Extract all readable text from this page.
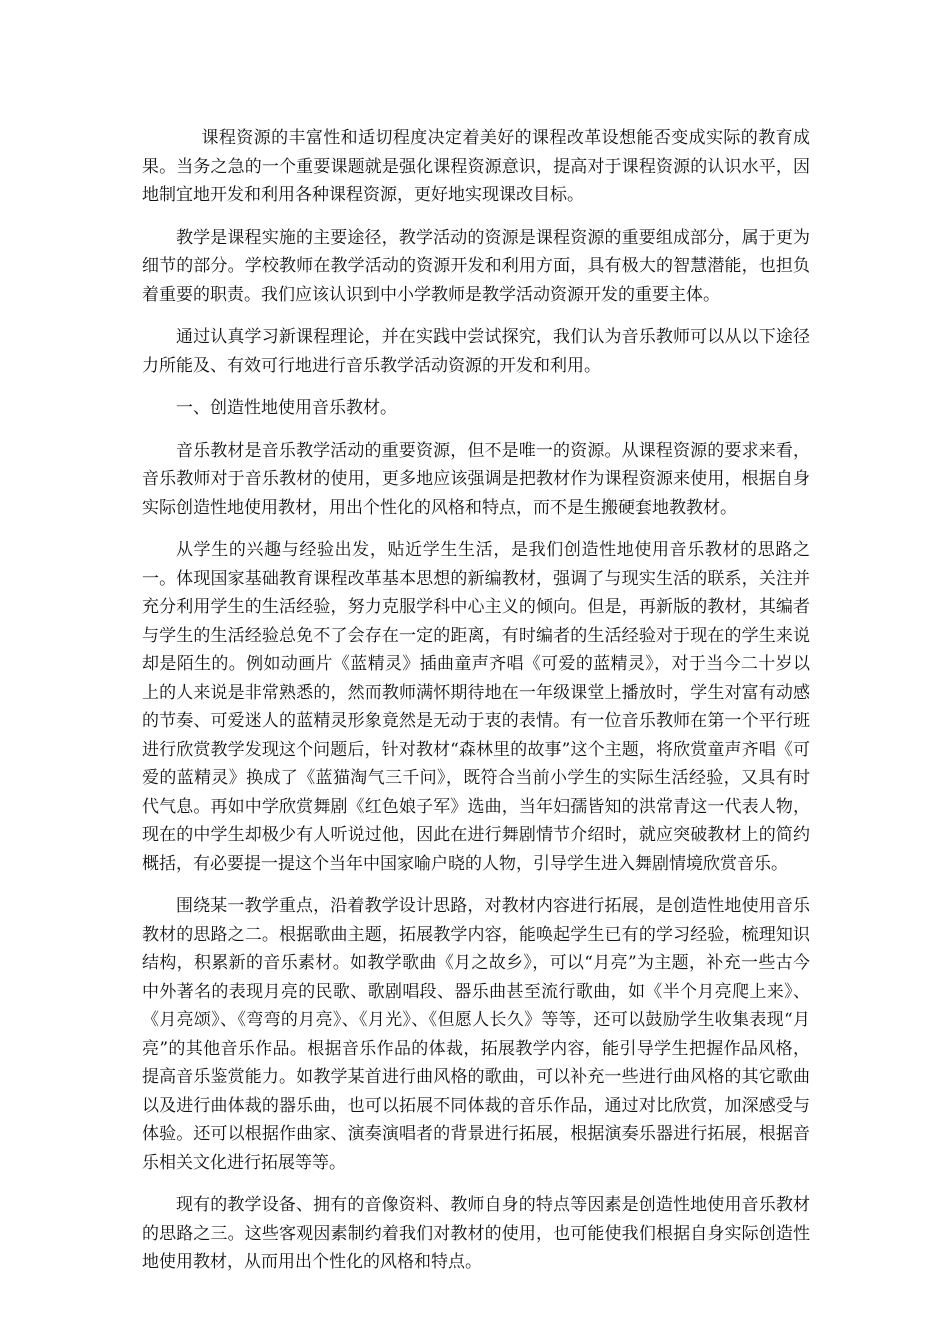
课程资源的丰富性和适切程度决定着美好的课程改革设想能否变成实际的教育成果。当务之急的一个重要课题就是强化课程资源意识，提高对于课程资源的认识水平，因地制宜地开发和利用各种课程资源，更好地实现课改目标。

教学是课程实施的主要途径，教学活动的资源是课程资源的重要组成部分，属于更为细节的部分。学校教师在教学活动的资源开发和利用方面，具有极大的智慧潜能，也担负着重要的职责。我们应该认识到中小学教师是教学活动资源开发的重要主体。

通过认真学习新课程理论，并在实践中尝试探究，我们认为音乐教师可以从以下途径力所能及、有效可行地进行音乐教学活动资源的开发和利用。

一、创造性地使用音乐教材。

音乐教材是音乐教学活动的重要资源，但不是唯一的资源。从课程资源的要求来看，音乐教师对于音乐教材的使用，更多地应该强调是把教材作为课程资源来使用，根据自身实际创造性地使用教材，用出个性化的风格和特点，而不是生搬硬套地教教材。

从学生的兴趣与经验出发，贴近学生生活，是我们创造性地使用音乐教材的思路之一。体现国家基础教育课程改革基本思想的新编教材，强调了与现实生活的联系，关注并充分利用学生的生活经验，努力克服学科中心主义的倾向。但是，再新版的教材，其编者与学生的生活经验总免不了会存在一定的距离，有时编者的生活经验对于现在的学生来说却是陌生的。例如动画片《蓝精灵》插曲童声齐唱《可爱的蓝精灵》，对于当今二十岁以上的人来说是非常熟悉的，然而教师满怀期待地在一年级课堂上播放时，学生对富有动感的节奏、可爱迷人的蓝精灵形象竟然是无动于衷的表情。有一位音乐教师在第一个平行班进行欣赏教学发现这个问题后，针对教材“森林里的故事”这个主题，将欣赏童声齐唱《可爱的蓝精灵》换成了《蓝猫淘气三千问》，既符合当前小学生的实际生活经验，又具有时代气息。再如中学欣赏舞剧《红色娘子军》选曲，当年妇孺皆知的洪常青这一代表人物，现在的中学生却极少有人听说过他，因此在进行舞剧情节介绍时，就应突破教材上的简约概括，有必要提一提这个当年中国家喻户晓的人物，引导学生进入舞剧情境欣赏音乐。

围绕某一教学重点，沿着教学设计思路，对教材内容进行拓展，是创造性地使用音乐教材的思路之二。根据歌曲主题，拓展教学内容，能唤起学生已有的学习经验，梳理知识结构，积累新的音乐素材。如教学歌曲《月之故乡》，可以“月亮”为主题，补充一些古今中外著名的表现月亮的民歌、歌剧唱段、器乐曲甚至流行歌曲，如《半个月亮爬上来》、《月亮颂》、《弯弯的月亮》、《月光》、《但愿人长久》等等，还可以鼓励学生收集表现“月亮”的其他音乐作品。根据音乐作品的体裁，拓展教学内容，能引导学生把握作品风格，提高音乐鉴赏能力。如教学某首进行曲风格的歌曲，可以补充一些进行曲风格的其它歌曲以及进行曲体裁的器乐曲，也可以拓展不同体裁的音乐作品，通过对比欣赏，加深感受与体验。还可以根据作曲家、演奏演唱者的背景进行拓展，根据演奏乐器进行拓展，根据音乐相关文化进行拓展等等。

现有的教学设备、拥有的音像资料、教师自身的特点等因素是创造性地使用音乐教材的思路之三。这些客观因素制约着我们对教材的使用，也可能使我们根据自身实际创造性地使用教材，从而用出个性化的风格和特点。
